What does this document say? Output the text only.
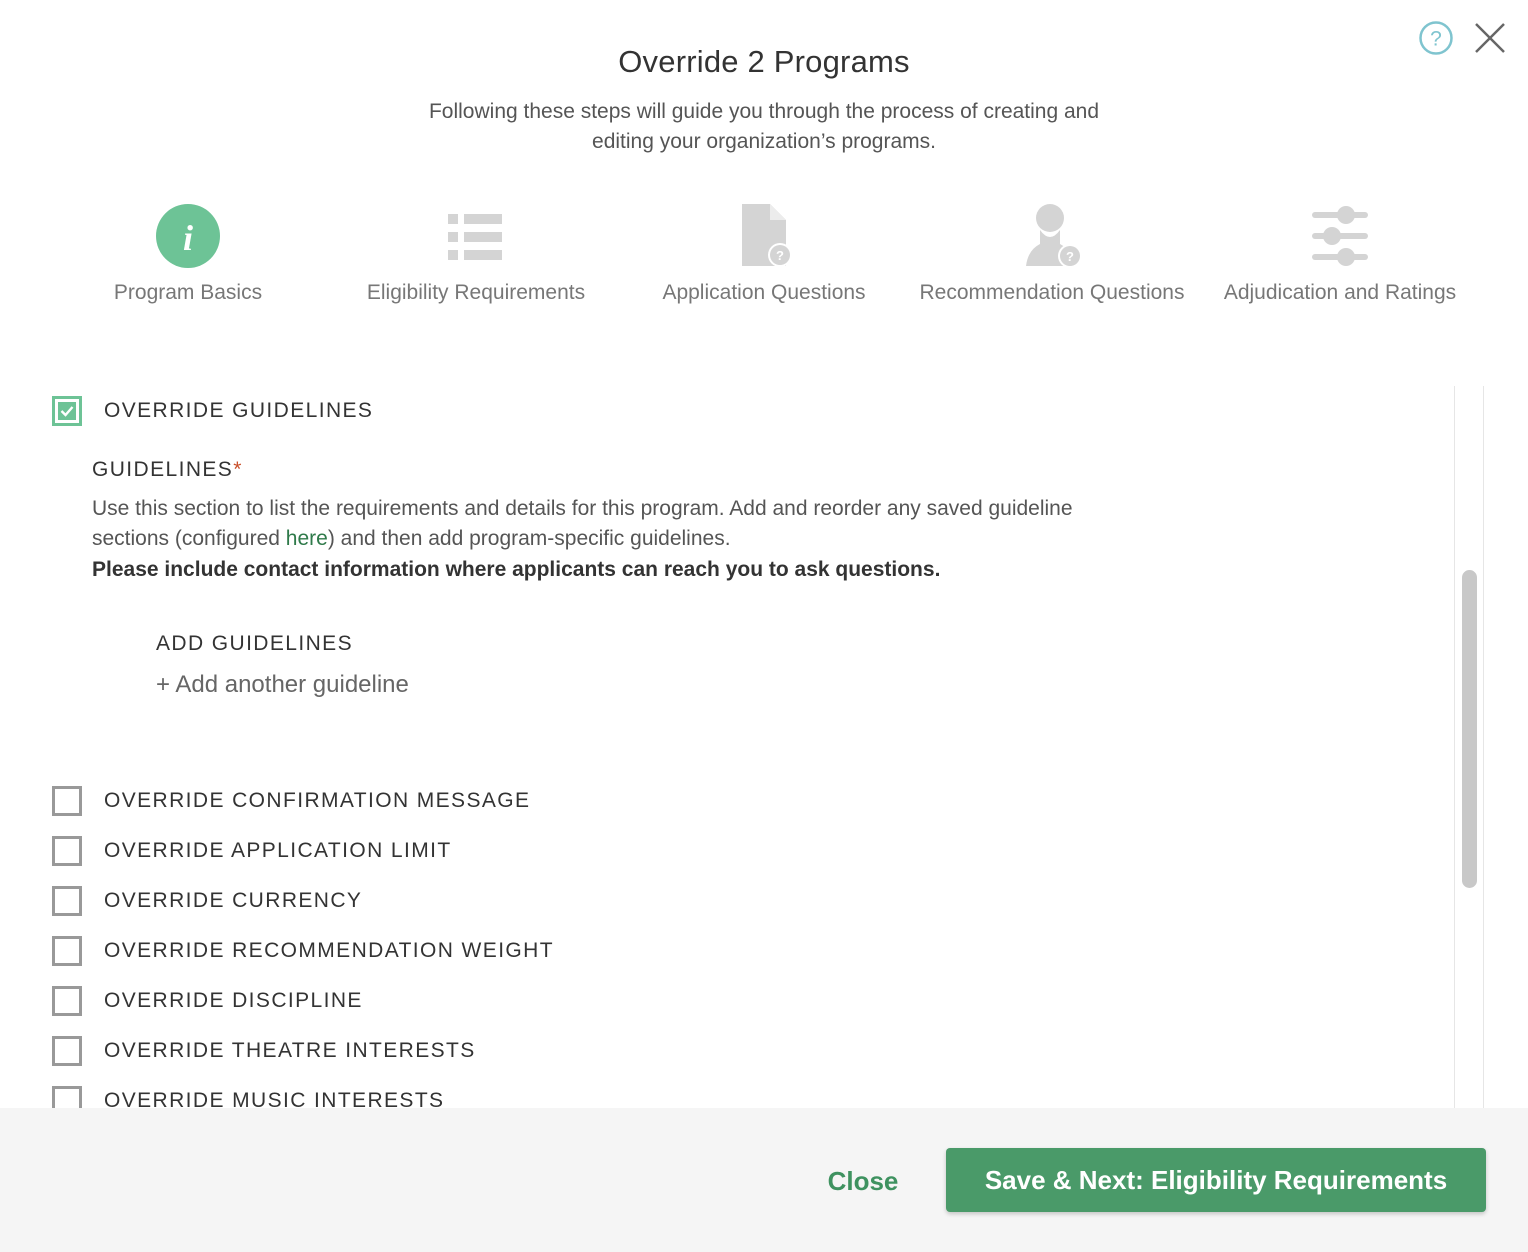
?
Override 2 Programs
Following these steps will guide you through the process of creating and editing your organization’s programs.
i
Program Basics	Eligibility Requirements
?
Application Questions
?
Recommendation Questions	Adjudication and Ratings
OVERRIDE GUIDELINES
GUIDELINES*
Use this section to list the requirements and details for this program. Add and reorder any saved guideline sections (configured here) and then add program-specific guidelines.
Please include contact information where applicants can reach you to ask questions.
ADD GUIDELINES
+ Add another guideline
OVERRIDE CONFIRMATION MESSAGE
OVERRIDE APPLICATION LIMIT
OVERRIDE CURRENCY
OVERRIDE RECOMMENDATION WEIGHT
OVERRIDE DISCIPLINE
OVERRIDE THEATRE INTERESTS
OVERRIDE MUSIC INTERESTS
Close	Save & Next: Eligibility Requirements
